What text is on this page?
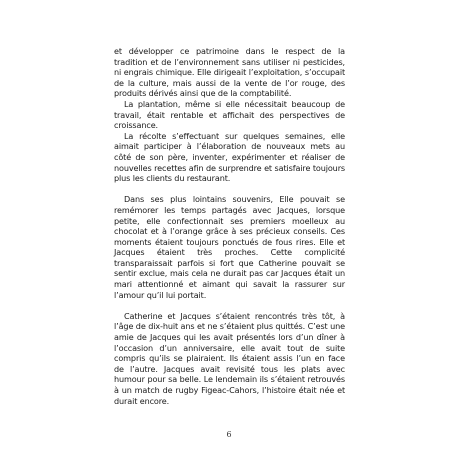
et développer ce patrimoine dans le respect de la tradition et de l’environnement sans utiliser ni pesticides, ni engrais chimique. Elle dirigeait l’exploitation, s’occupait de la culture, mais aussi de la vente de l’or rouge, des produits dérivés ainsi que de la comptabilité.

La plantation, même si elle nécessitait beaucoup de travail, était rentable et affichait des perspectives de croissance.

La récolte s’effectuant sur quelques semaines, elle aimait participer à l’élaboration de nouveaux mets au côté de son père, inventer, expérimenter et réaliser de nouvelles recettes afin de surprendre et satisfaire toujours plus les clients du restaurant.

Dans ses plus lointains souvenirs, Elle pouvait se remémorer les temps partagés avec Jacques, lorsque petite, elle confectionnait ses premiers moelleux au chocolat et à l’orange grâce à ses précieux conseils. Ces moments étaient toujours ponctués de fous rires. Elle et Jacques étaient très proches. Cette complicité transparaissait parfois si fort que Catherine pouvait se sentir exclue, mais cela ne durait pas car Jacques était un mari attentionné et aimant qui savait la rassurer sur l’amour qu’il lui portait.

Catherine et Jacques s’étaient rencontrés très tôt, à l’âge de dix-huit ans et ne s’étaient plus quittés. C’est une amie de Jacques qui les avait présentés lors d’un dîner à l’occasion d’un anniversaire, elle avait tout de suite compris qu’ils se plairaient. Ils étaient assis l’un en face de l’autre. Jacques avait revisité tous les plats avec humour pour sa belle. Le lendemain ils s’étaient retrouvés à un match de rugby Figeac-Cahors, l’histoire était née et durait encore.

6
